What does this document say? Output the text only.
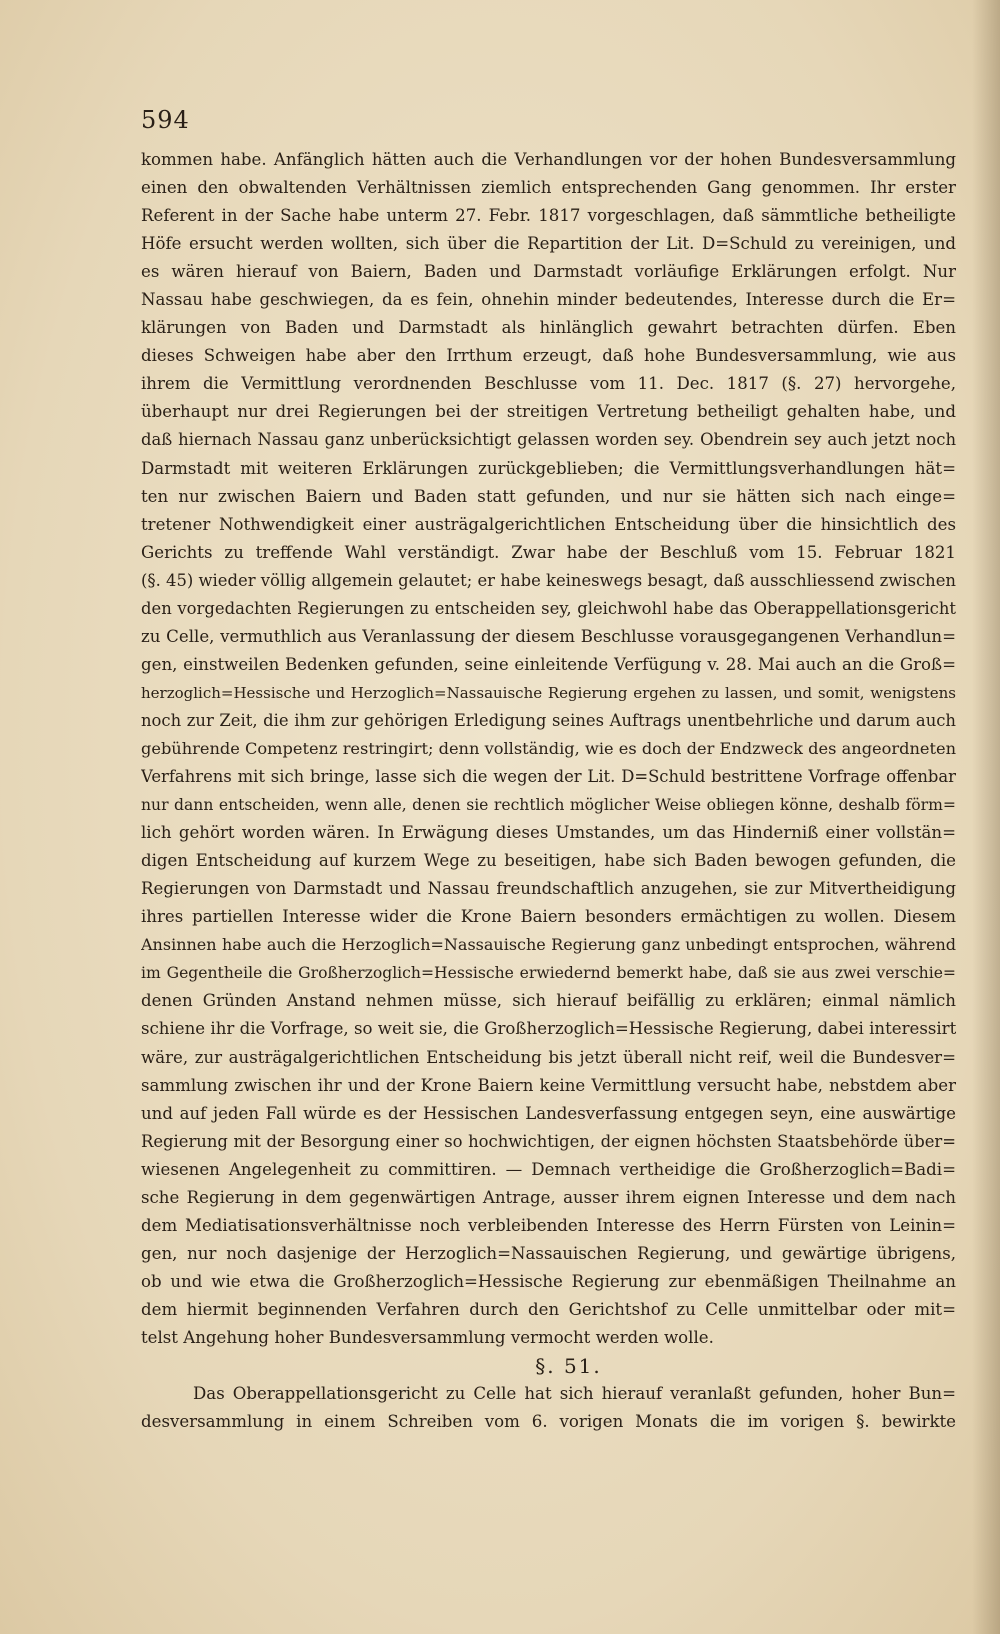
594
kommen habe. Anfänglich hätten auch die Verhandlungen vor der hohen Bundesversammlung
einen den obwaltenden Verhältnissen ziemlich entsprechenden Gang genommen. Ihr erster
Referent in der Sache habe unterm 27. Febr. 1817 vorgeschlagen, daß sämmtliche betheiligte
Höfe ersucht werden wollten, sich über die Repartition der Lit. D=Schuld zu vereinigen, und
es wären hierauf von Baiern, Baden und Darmstadt vorläufige Erklärungen erfolgt. Nur
Nassau habe geschwiegen, da es fein, ohnehin minder bedeutendes, Interesse durch die Er=
klärungen von Baden und Darmstadt als hinlänglich gewahrt betrachten dürfen. Eben
dieses Schweigen habe aber den Irrthum erzeugt, daß hohe Bundesversammlung, wie aus
ihrem die Vermittlung verordnenden Beschlusse vom 11. Dec. 1817 (§. 27) hervorgehe,
überhaupt nur drei Regierungen bei der streitigen Vertretung betheiligt gehalten habe, und
daß hiernach Nassau ganz unberücksichtigt gelassen worden sey. Obendrein sey auch jetzt noch
Darmstadt mit weiteren Erklärungen zurückgeblieben; die Vermittlungsverhandlungen hät=
ten nur zwischen Baiern und Baden statt gefunden, und nur sie hätten sich nach einge=
tretener Nothwendigkeit einer austrägalgerichtlichen Entscheidung über die hinsichtlich des
Gerichts zu treffende Wahl verständigt. Zwar habe der Beschluß vom 15. Februar 1821
(§. 45) wieder völlig allgemein gelautet; er habe keineswegs besagt, daß ausschliessend zwischen
den vorgedachten Regierungen zu entscheiden sey, gleichwohl habe das Oberappellationsgericht
zu Celle, vermuthlich aus Veranlassung der diesem Beschlusse vorausgegangenen Verhandlun=
gen, einstweilen Bedenken gefunden, seine einleitende Verfügung v. 28. Mai auch an die Groß=
herzoglich=Hessische und Herzoglich=Nassauische Regierung ergehen zu lassen, und somit, wenigstens
noch zur Zeit, die ihm zur gehörigen Erledigung seines Auftrags unentbehrliche und darum auch
gebührende Competenz restringirt; denn vollständig, wie es doch der Endzweck des angeordneten
Verfahrens mit sich bringe, lasse sich die wegen der Lit. D=Schuld bestrittene Vorfrage offenbar
nur dann entscheiden, wenn alle, denen sie rechtlich möglicher Weise obliegen könne, deshalb förm=
lich gehört worden wären. In Erwägung dieses Umstandes, um das Hinderniß einer vollstän=
digen Entscheidung auf kurzem Wege zu beseitigen, habe sich Baden bewogen gefunden, die
Regierungen von Darmstadt und Nassau freundschaftlich anzugehen, sie zur Mitvertheidigung
ihres partiellen Interesse wider die Krone Baiern besonders ermächtigen zu wollen. Diesem
Ansinnen habe auch die Herzoglich=Nassauische Regierung ganz unbedingt entsprochen, während
im Gegentheile die Großherzoglich=Hessische erwiedernd bemerkt habe, daß sie aus zwei verschie=
denen Gründen Anstand nehmen müsse, sich hierauf beifällig zu erklären; einmal nämlich
schiene ihr die Vorfrage, so weit sie, die Großherzoglich=Hessische Regierung, dabei interessirt
wäre, zur austrägalgerichtlichen Entscheidung bis jetzt überall nicht reif, weil die Bundesver=
sammlung zwischen ihr und der Krone Baiern keine Vermittlung versucht habe, nebstdem aber
und auf jeden Fall würde es der Hessischen Landesverfassung entgegen seyn, eine auswärtige
Regierung mit der Besorgung einer so hochwichtigen, der eignen höchsten Staatsbehörde über=
wiesenen Angelegenheit zu committiren. — Demnach vertheidige die Großherzoglich=Badi=
sche Regierung in dem gegenwärtigen Antrage, ausser ihrem eignen Interesse und dem nach
dem Mediatisationsverhältnisse noch verbleibenden Interesse des Herrn Fürsten von Leinin=
gen, nur noch dasjenige der Herzoglich=Nassauischen Regierung, und gewärtige übrigens,
ob und wie etwa die Großherzoglich=Hessische Regierung zur ebenmäßigen Theilnahme an
dem hiermit beginnenden Verfahren durch den Gerichtshof zu Celle unmittelbar oder mit=
telst Angehung hoher Bundesversammlung vermocht werden wolle.
§. 51.
Das Oberappellationsgericht zu Celle hat sich hierauf veranlaßt gefunden, hoher Bun=
desversammlung in einem Schreiben vom 6. vorigen Monats die im vorigen §. bewirkte
